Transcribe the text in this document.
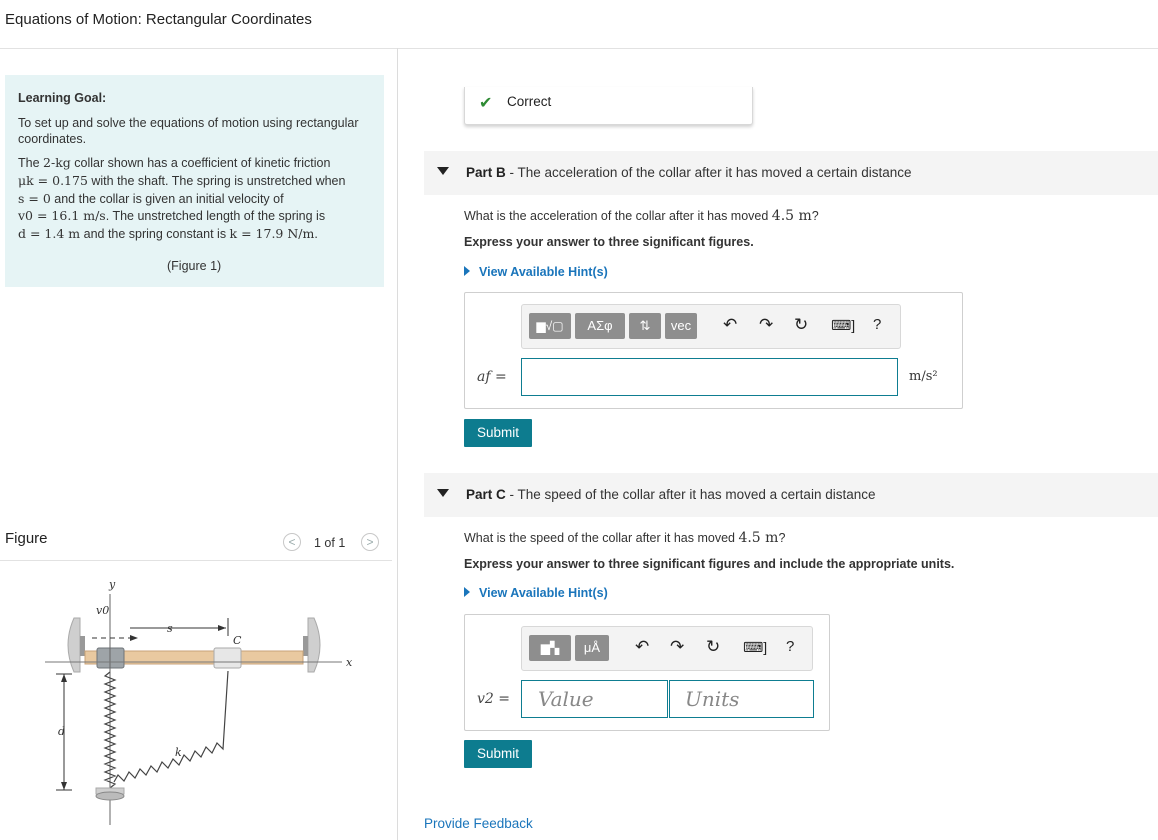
Equations of Motion: Rectangular Coordinates
Learning Goal:
To set up and solve the equations of motion using rectangular
coordinates.
The 2-kg collar shown has a coefficient of kinetic friction
μk = 0.175 with the shaft. The spring is unstretched when
s = 0 and the collar is given an initial velocity of
v0 = 16.1 m/s. The unstretched length of the spring is
d = 1.4 m and the spring constant is k = 17.9 N/m.
(Figure 1)
Figure	<	1 of 1	>
y
v0
s
C
x
d
k
✔ Correct
Part B - The acceleration of the collar after it has moved a certain distance
What is the acceleration of the collar after it has moved 4.5 m?
Express your answer to three significant figures.
View Available Hint(s)
▆√▢	ΑΣφ	⇅	vec	↶ ↷ ↻ ⌨] ?
af =	m/s²
Submit
Part C - The speed of the collar after it has moved a certain distance
What is the speed of the collar after it has moved 4.5 m?
Express your answer to three significant figures and include the appropriate units.
View Available Hint(s)
▆▚	μÅ	↶ ↷ ↻ ⌨] ?
v2 = Value	Units
Submit
Provide Feedback
